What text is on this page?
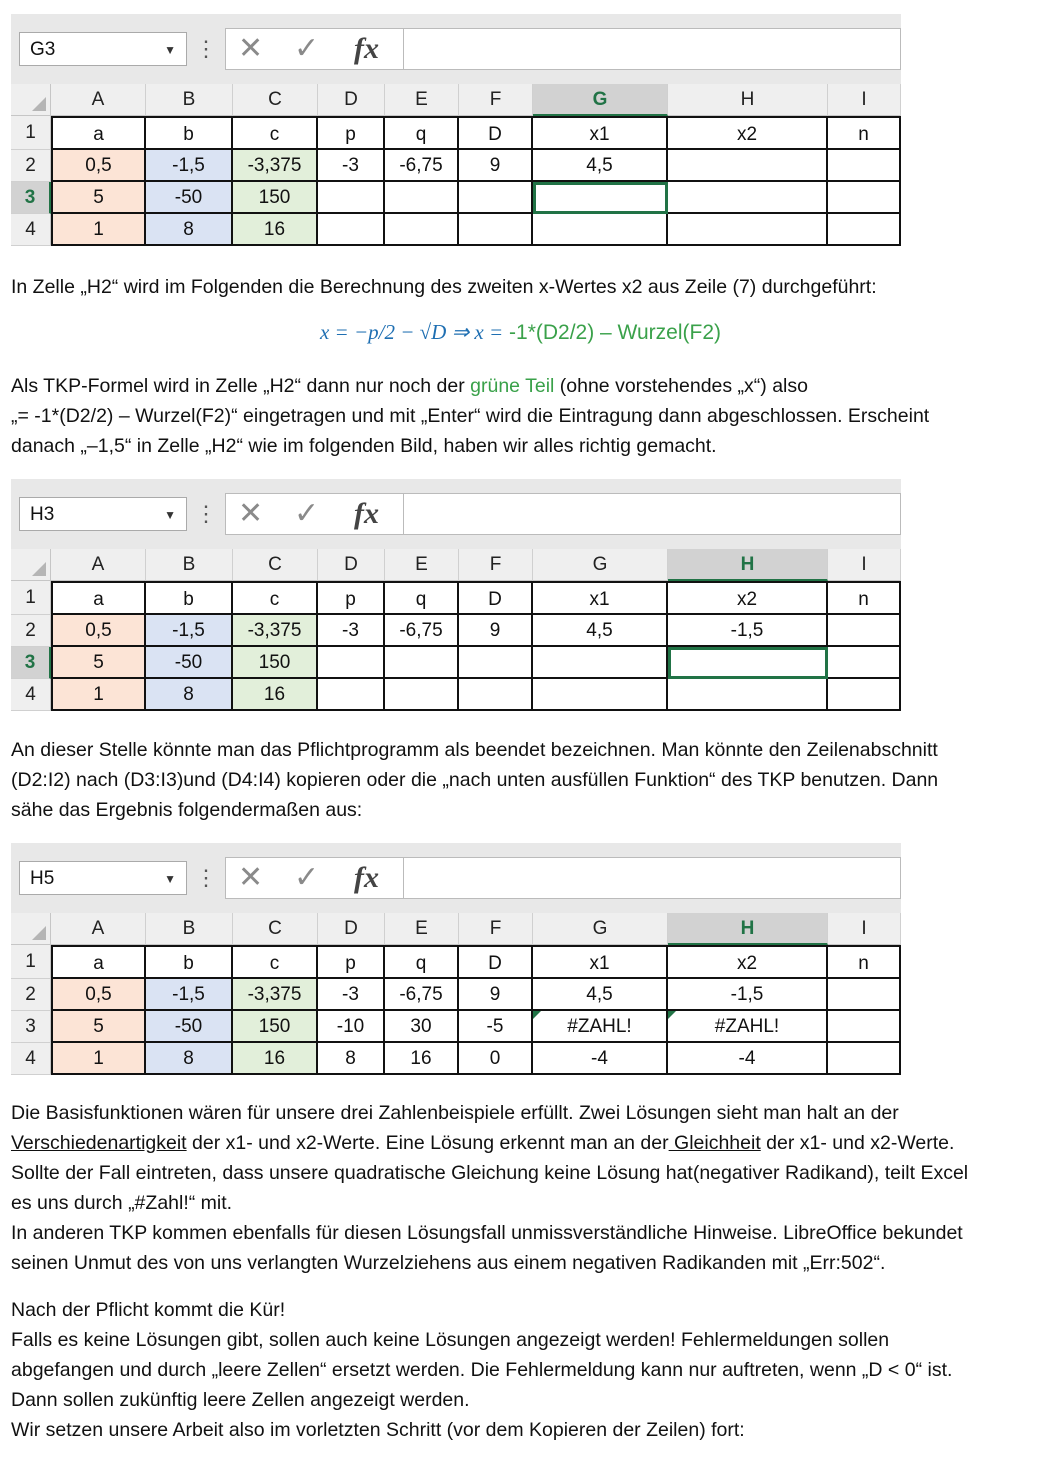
G3	▼ ⋮ ✕ ✓ fx
A	B	C	D	E	F	G	H	I
1	a	b	c	p	q	D	x1	x2	n
2	0,5	-1,5	-3,375	-3	-6,75	9	4,5
3	5	-50	150
4	1	8	16
H3	▼ ⋮ ✕ ✓ fx
A	B	C	D	E	F	G	H	I
1	a	b	c	p	q	D	x1	x2	n
2	0,5	-1,5	-3,375	-3	-6,75	9	4,5	-1,5
3	5	-50	150
4	1	8	16
H5	▼ ⋮ ✕ ✓ fx
A	B	C	D	E	F	G	H	I
1	a	b	c	p	q	D	x1	x2	n
2	0,5	-1,5	-3,375	-3	-6,75	9	4,5	-1,5
3	5	-50	150	-10	30	-5	#ZAHL!	#ZAHL!
4	1	8	16	8	16	0	-4	-4
In Zelle „H2“ wird im Folgenden die Berechnung des zweiten x-Wertes x2 aus Zeile (7) durchgeführt:
x = −p/2 − √D ⇒ x = -1*(D2/2) – Wurzel(F2)
Als TKP-Formel wird in Zelle „H2“ dann nur noch der grüne Teil (ohne vorstehendes „x“) also
„= -1*(D2/2) – Wurzel(F2)“ eingetragen und mit „Enter“ wird die Eintragung dann abgeschlossen. Erscheint
danach „–1,5“ in Zelle „H2“ wie im folgenden Bild, haben wir alles richtig gemacht.
An dieser Stelle könnte man das Pflichtprogramm als beendet bezeichnen. Man könnte den Zeilenabschnitt
(D2:I2) nach (D3:I3)und (D4:I4) kopieren oder die „nach unten ausfüllen Funktion“ des TKP benutzen. Dann
sähe das Ergebnis folgendermaßen aus:
Die Basisfunktionen wären für unsere drei Zahlenbeispiele erfüllt. Zwei Lösungen sieht man halt an der
Verschiedenartigkeit der x1- und x2-Werte. Eine Lösung erkennt man an der Gleichheit der x1- und x2-Werte.
Sollte der Fall eintreten, dass unsere quadratische Gleichung keine Lösung hat(negativer Radikand), teilt Excel
es uns durch „#Zahl!“ mit.
In anderen TKP kommen ebenfalls für diesen Lösungsfall unmissverständliche Hinweise. LibreOffice bekundet
seinen Unmut des von uns verlangten Wurzelziehens aus einem negativen Radikanden mit „Err:502“.
Nach der Pflicht kommt die Kür!
Falls es keine Lösungen gibt, sollen auch keine Lösungen angezeigt werden! Fehlermeldungen sollen
abgefangen und durch „leere Zellen“ ersetzt werden. Die Fehlermeldung kann nur auftreten, wenn „D < 0“ ist.
Dann sollen zukünftig leere Zellen angezeigt werden.
Wir setzen unsere Arbeit also im vorletzten Schritt (vor dem Kopieren der Zeilen) fort:
